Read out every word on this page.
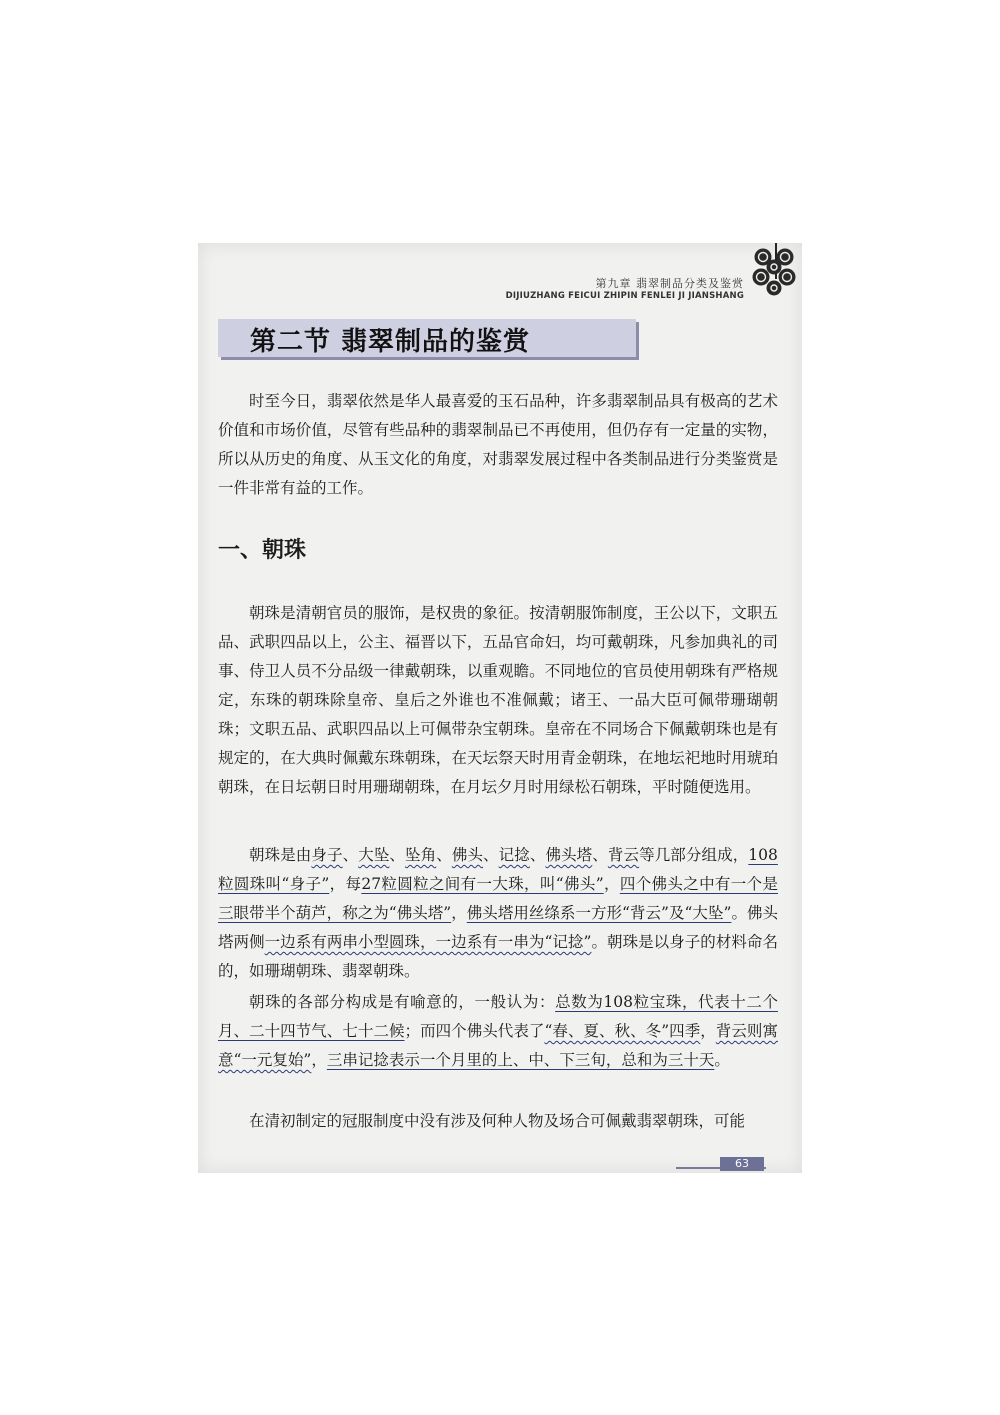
第九章 翡翠制品分类及鉴赏
DIJIUZHANG FEICUI ZHIPIN FENLEI JI JIANSHANG
第二节 翡翠制品的鉴赏

时至今日，翡翠依然是华人最喜爱的玉石品种，许多翡翠制品具有极高的艺术价值和市场价值，尽管有些品种的翡翠制品已不再使用，但仍存有一定量的实物，所以从历史的角度、从玉文化的角度，对翡翠发展过程中各类制品进行分类鉴赏是一件非常有益的工作。

一、朝珠

朝珠是清朝官员的服饰，是权贵的象征。按清朝服饰制度，王公以下，文职五品、武职四品以上，公主、福晋以下，五品官命妇，均可戴朝珠，凡参加典礼的司事、侍卫人员不分品级一律戴朝珠，以重观瞻。不同地位的官员使用朝珠有严格规定，东珠的朝珠除皇帝、皇后之外谁也不准佩戴；诸王、一品大臣可佩带珊瑚朝珠；文职五品、武职四品以上可佩带杂宝朝珠。皇帝在不同场合下佩戴朝珠也是有规定的，在大典时佩戴东珠朝珠，在天坛祭天时用青金朝珠，在地坛祀地时用琥珀朝珠，在日坛朝日时用珊瑚朝珠，在月坛夕月时用绿松石朝珠，平时随便选用。

朝珠是由身子、大坠、坠角、佛头、记捻、佛头塔、背云等几部分组成，108粒圆珠叫“身子”，每27粒圆粒之间有一大珠，叫“佛头”，四个佛头之中有一个是三眼带半个葫芦，称之为“佛头塔”，佛头塔用丝绦系一方形“背云”及“大坠”。佛头塔两侧一边系有两串小型圆珠，一边系有一串为“记捻”。朝珠是以身子的材料命名的，如珊瑚朝珠、翡翠朝珠。

朝珠的各部分构成是有喻意的，一般认为：总数为108粒宝珠，代表十二个月、二十四节气、七十二候；而四个佛头代表了“春、夏、秋、冬”四季，背云则寓意“一元复始”，三串记捻表示一个月里的上、中、下三旬，总和为三十天。

在清初制定的冠服制度中没有涉及何种人物及场合可佩戴翡翠朝珠，可能

63
